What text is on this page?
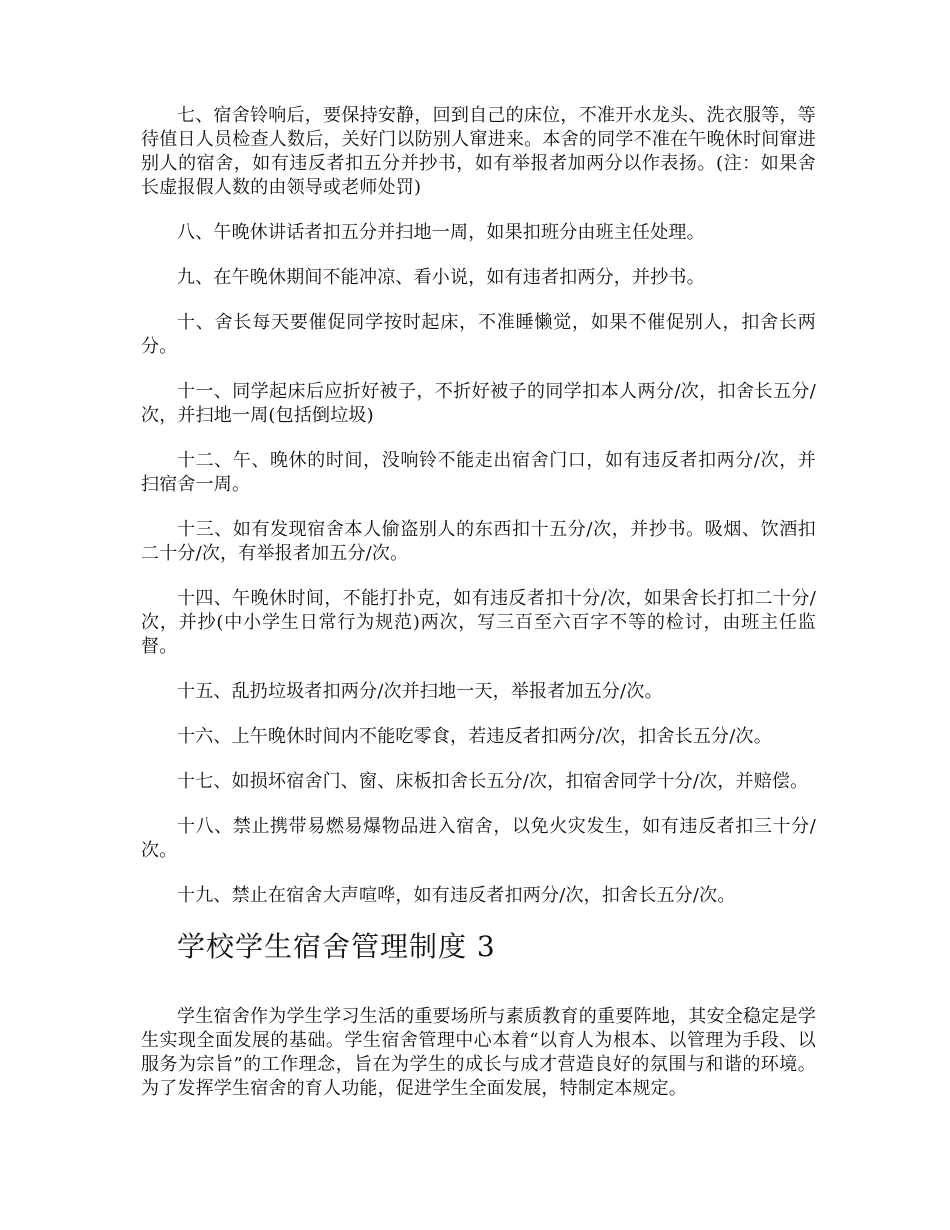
七、宿舍铃响后，要保持安静，回到自己的床位，不准开水龙头、洗衣服等，等待值日人员检查人数后，关好门以防别人窜进来。本舍的同学不准在午晚休时间窜进别人的宿舍，如有违反者扣五分并抄书，如有举报者加两分以作表扬。(注：如果舍长虚报假人数的由领导或老师处罚)

八、午晚休讲话者扣五分并扫地一周，如果扣班分由班主任处理。

九、在午晚休期间不能冲凉、看小说，如有违者扣两分，并抄书。

十、舍长每天要催促同学按时起床，不准睡懒觉，如果不催促别人，扣舍长两分。

十一、同学起床后应折好被子，不折好被子的同学扣本人两分/次，扣舍长五分/次，并扫地一周(包括倒垃圾)

十二、午、晚休的时间，没响铃不能走出宿舍门口，如有违反者扣两分/次，并扫宿舍一周。

十三、如有发现宿舍本人偷盗别人的东西扣十五分/次，并抄书。吸烟、饮酒扣二十分/次，有举报者加五分/次。

十四、午晚休时间，不能打扑克，如有违反者扣十分/次，如果舍长打扣二十分/次，并抄(中小学生日常行为规范)两次，写三百至六百字不等的检讨，由班主任监督。

十五、乱扔垃圾者扣两分/次并扫地一天，举报者加五分/次。

十六、上午晚休时间内不能吃零食，若违反者扣两分/次，扣舍长五分/次。

十七、如损坏宿舍门、窗、床板扣舍长五分/次，扣宿舍同学十分/次，并赔偿。

十八、禁止携带易燃易爆物品进入宿舍，以免火灾发生，如有违反者扣三十分/次。

十九、禁止在宿舍大声喧哗，如有违反者扣两分/次，扣舍长五分/次。

学校学生宿舍管理制度 3

学生宿舍作为学生学习生活的重要场所与素质教育的重要阵地，其安全稳定是学生实现全面发展的基础。学生宿舍管理中心本着“以育人为根本、以管理为手段、以服务为宗旨”的工作理念，旨在为学生的成长与成才营造良好的氛围与和谐的环境。为了发挥学生宿舍的育人功能，促进学生全面发展，特制定本规定。
